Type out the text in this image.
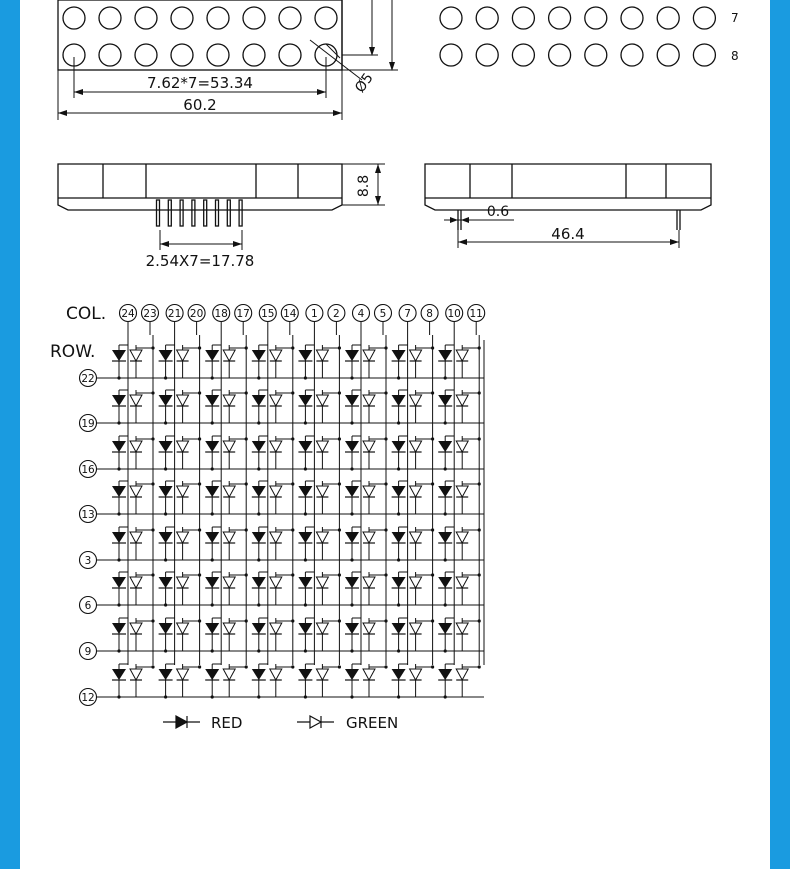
7.62*7=53.34
60.2
Ø5
7
8
8.8
2.54X7=17.78
0.6
46.4
COL.
ROW.
24 23 21 20 18 17 15 14 1 2 4 5 7 8 10 11
22
19
16
13
3
6
9
12
RED	GREEN
